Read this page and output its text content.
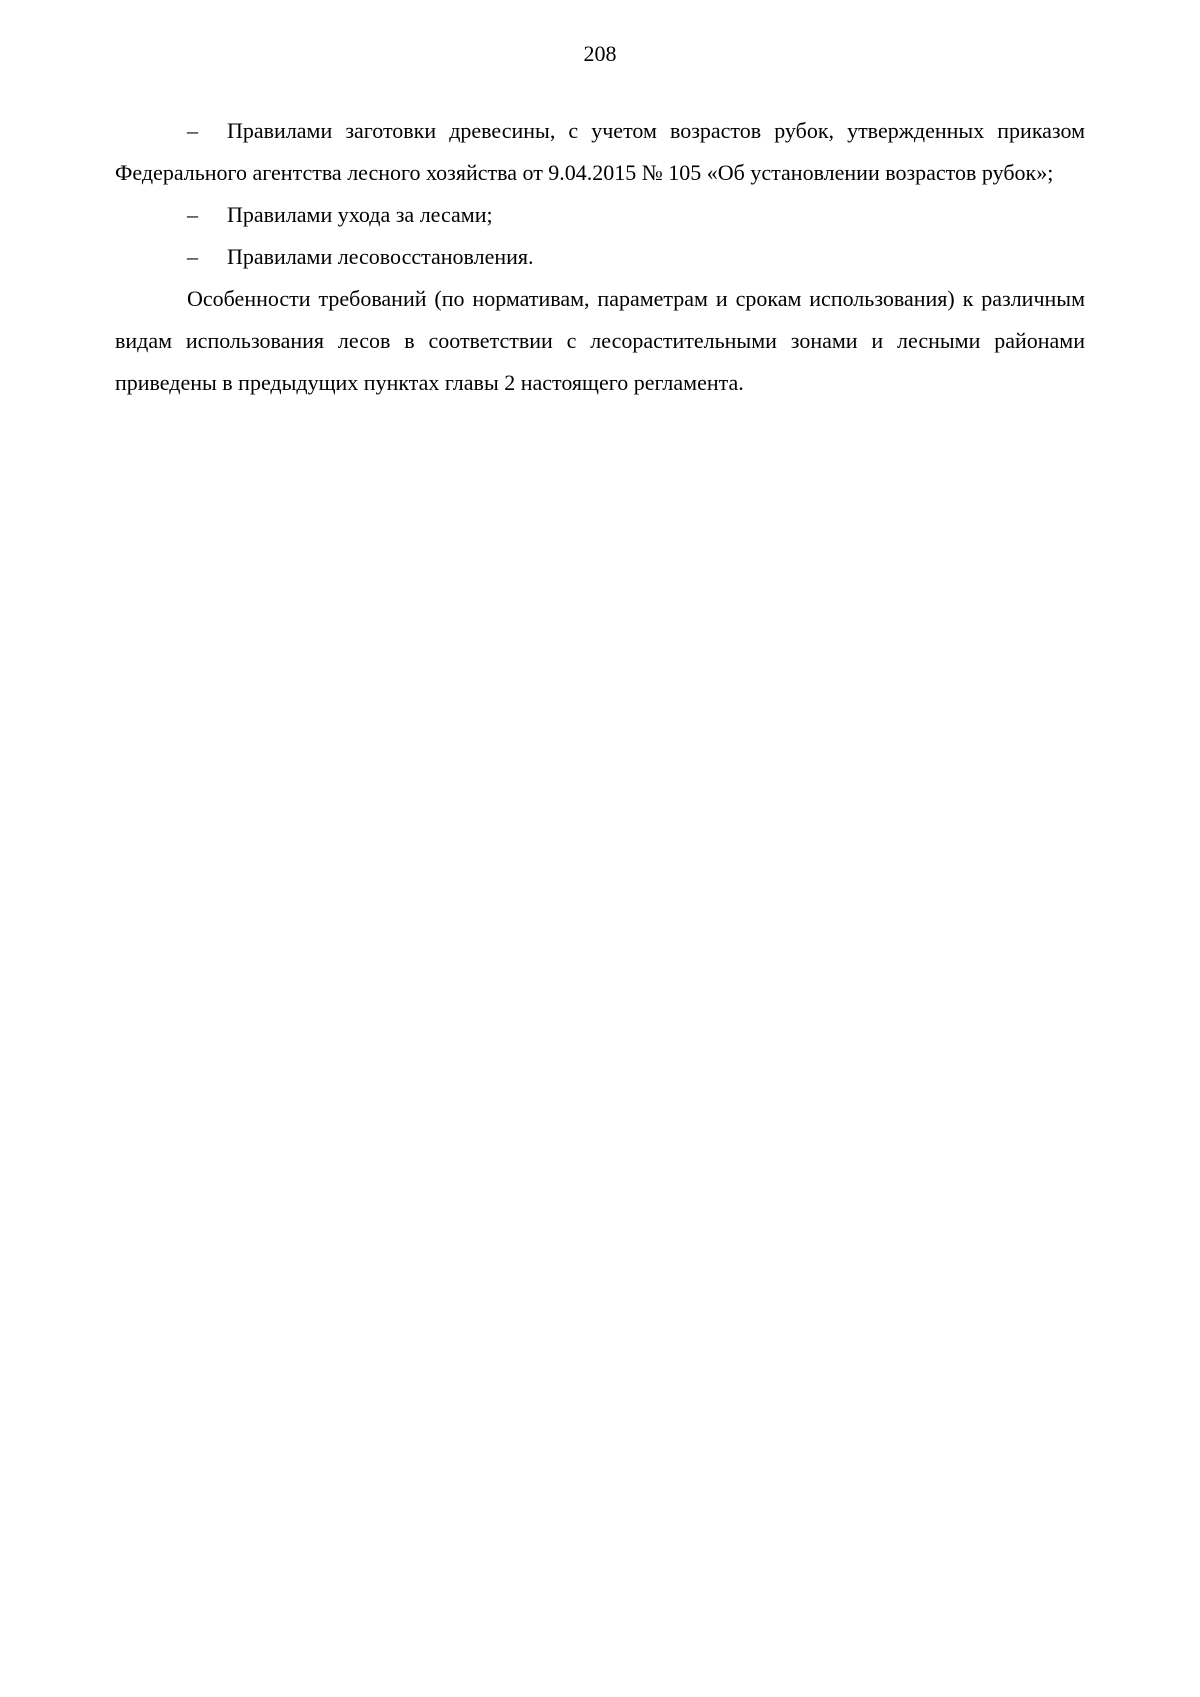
208

– Правилами заготовки древесины, с учетом возрастов рубок, утвержденных приказом Федерального агентства лесного хозяйства от 9.04.2015 № 105 «Об установлении возрастов рубок»;

– Правилами ухода за лесами;

– Правилами лесовосстановления.

Особенности требований (по нормативам, параметрам и срокам использования) к различным видам использования лесов в соответствии с лесорастительными зонами и лесными районами приведены в предыдущих пунктах главы 2 настоящего регламента.
